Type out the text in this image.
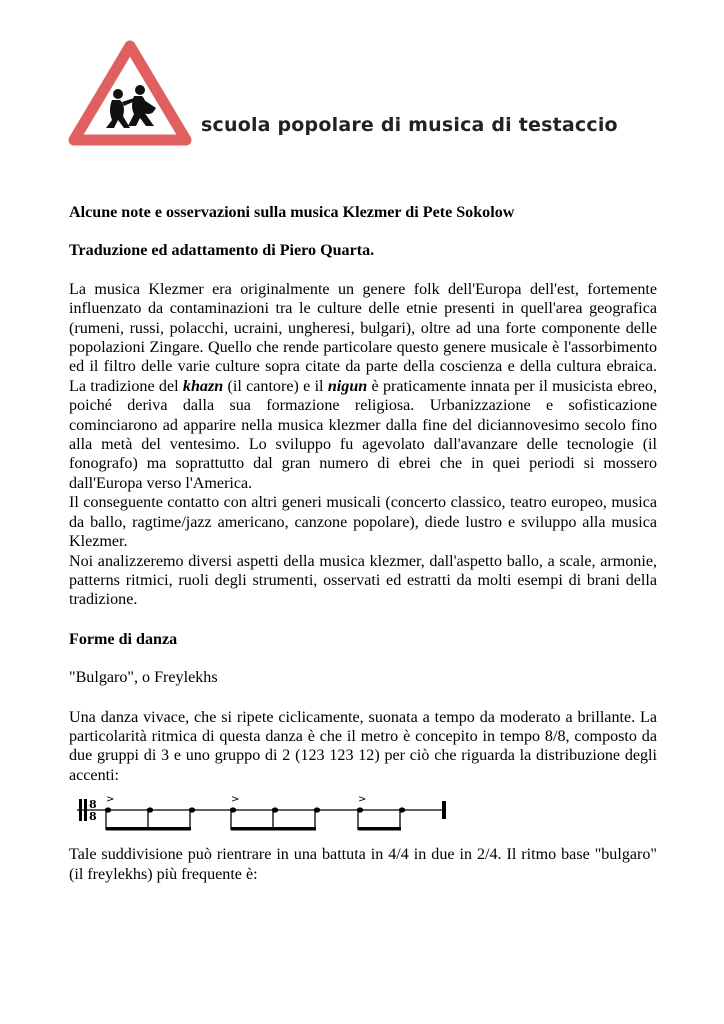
scuola popolare di musica di testaccio

Alcune note e osservazioni sulla musica Klezmer di Pete Sokolow

Traduzione ed adattamento di Piero Quarta.

La musica Klezmer era originalmente un genere folk dell'Europa dell'est, fortemente influenzato da contaminazioni tra le culture delle etnie presenti in quell'area geografica (rumeni, russi, polacchi, ucraini, ungheresi, bulgari), oltre ad una forte componente delle popolazioni Zingare. Quello che rende particolare questo genere musicale è l'assorbimento ed il filtro delle varie culture sopra citate da parte della coscienza e della cultura ebraica. La tradizione del khazn (il cantore) e il nigun è praticamente innata per il musicista ebreo, poiché deriva dalla sua formazione religiosa. Urbanizzazione e sofisticazione cominciarono ad apparire nella musica klezmer dalla fine del diciannovesimo secolo fino alla metà del ventesimo. Lo sviluppo fu agevolato dall'avanzare delle tecnologie (il fonografo) ma soprattutto dal gran numero di ebrei che in quei periodi si mossero dall'Europa verso l'America.

Il conseguente contatto con altri generi musicali (concerto classico, teatro europeo, musica da ballo, ragtime/jazz americano, canzone popolare), diede lustro e sviluppo alla musica Klezmer.

Noi analizzeremo diversi aspetti della musica klezmer, dall'aspetto ballo, a scale, armonie, patterns ritmici, ruoli degli strumenti, osservati ed estratti da molti esempi di brani della tradizione.

Forme di danza

"Bulgaro", o Freylekhs

Una danza vivace, che si ripete ciclicamente, suonata a tempo da moderato a brillante. La particolarità ritmica di questa danza è che il metro è concepito in tempo 8/8, composto da due gruppi di 3 e uno gruppo di 2 (123 123 12) per ciò che riguarda la distribuzione degli accenti:

8
8
>	>	>

Tale suddivisione può rientrare in una battuta in 4/4 in due in 2/4. Il ritmo base "bulgaro" (il freylekhs) più frequente è:
